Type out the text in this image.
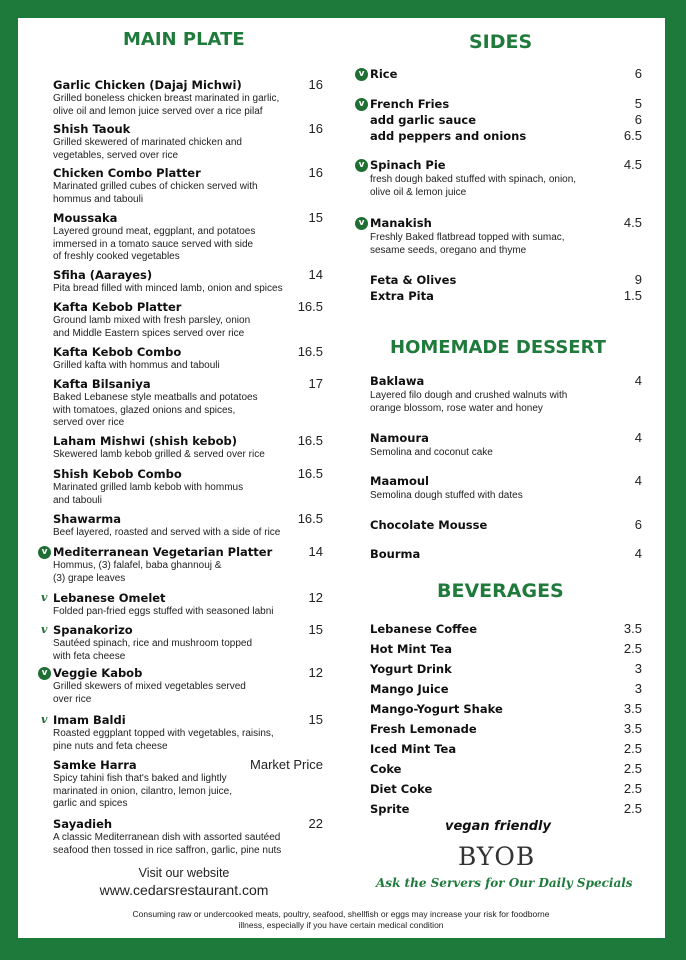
MAIN PLATE
Garlic Chicken (Dajaj Michwi)	16
Grilled boneless chicken breast marinated in garlic,
olive oil and lemon juice served over a rice pilaf
Shish Taouk	16
Grilled skewered of marinated chicken and
vegetables, served over rice
Chicken Combo Platter	16
Marinated grilled cubes of chicken served with
hommus and tabouli
Moussaka	15
Layered ground meat, eggplant, and potatoes
immersed in a tomato sauce served with side
of freshly cooked vegetables
Sfiha (Aarayes)	14
Pita bread filled with minced lamb, onion and spices
Kafta Kebob Platter	16.5
Ground lamb mixed with fresh parsley, onion
and Middle Eastern spices served over rice
Kafta Kebob Combo	16.5
Grilled kafta with hommus and tabouli
Kafta Bilsaniya	17
Baked Lebanese style meatballs and potatoes
with tomatoes, glazed onions and spices,
served over rice
Laham Mishwi (shish kebob)	16.5
Skewered lamb kebob grilled & served over rice
Shish Kebob Combo	16.5
Marinated grilled lamb kebob with hommus
and tabouli
Shawarma	16.5
Beef layered, roasted and served with a side of rice
v Mediterranean Vegetarian Platter	14
Hommus, (3) falafel, baba ghannouj &
(3) grape leaves
v Lebanese Omelet	12
Folded pan-fried eggs stuffed with seasoned labni
v Spanakorizo	15
Sautéed spinach, rice and mushroom topped
with feta cheese
v Veggie Kabob	12
Grilled skewers of mixed vegetables served
over rice
v Imam Baldi	15
Roasted eggplant topped with vegetables, raisins,
pine nuts and feta cheese
Samke Harra	Market Price
Spicy tahini fish that's baked and lightly
marinated in onion, cilantro, lemon juice,
garlic and spices
Sayadieh	22
A classic Mediterranean dish with assorted sautéed
seafood then tossed in rice saffron, garlic, pine nuts
Visit our website
www.cedarsrestaurant.com
SIDES
v Rice	6
v French Fries	5
add garlic sauce	6
add peppers and onions	6.5
v Spinach Pie	4.5
fresh dough baked stuffed with spinach, onion,
olive oil & lemon juice
v Manakish	4.5
Freshly Baked flatbread topped with sumac,
sesame seeds, oregano and thyme
Feta & Olives	9
Extra Pita	1.5
HOMEMADE DESSERT
Baklawa	4
Layered filo dough and crushed walnuts with
orange blossom, rose water and honey
Namoura	4
Semolina and coconut cake
Maamoul	4
Semolina dough stuffed with dates
Chocolate Mousse	6
Bourma	4
BEVERAGES
Lebanese Coffee	3.5
Hot Mint Tea	2.5
Yogurt Drink	3
Mango Juice	3
Mango-Yogurt Shake	3.5
Fresh Lemonade	3.5
Iced Mint Tea	2.5
Coke	2.5
Diet Coke	2.5
Sprite	2.5
vegan friendly
BYOB
Ask the Servers for Our Daily Specials
Consuming raw or undercooked meats, poultry, seafood, shellfish or eggs may increase your risk for foodborne
illness, especially if you have certain medical condition
